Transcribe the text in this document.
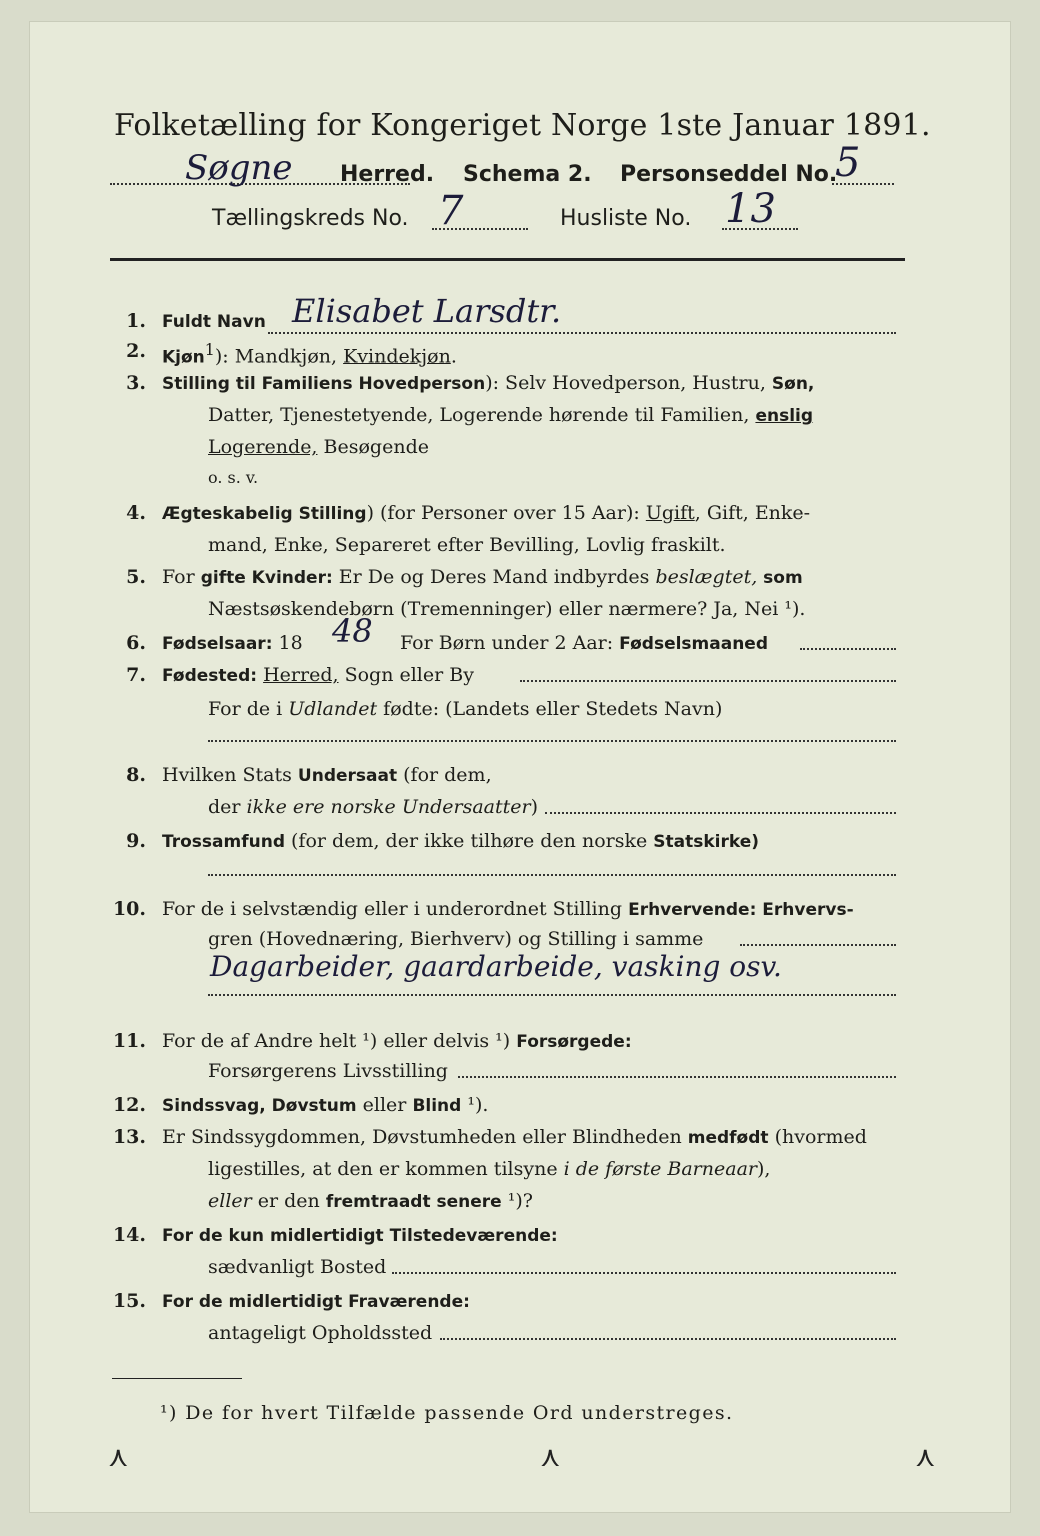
Folketælling for Kongeriget Norge 1ste Januar 1891.
Søgne Herred. Schema 2. Personseddel No.
5
Tællingskreds No. 7	Husliste No. 13
1. Fuldt Navn Elisabet Larsdtr.
2. Kjøn$^1$): Mandkjøn, Kvindekjøn.
3. Stilling til Familiens Hovedperson): Selv Hovedperson, Hustru, Søn,
Datter, Tjenestetyende, Logerende hørende til Familien, enslig
Logerende, Besøgende
o. s. v.
4. Ægteskabelig Stilling) (for Personer over 15 Aar): Ugift, Gift, Enke-
mand, Enke, Separeret efter Bevilling, Lovlig fraskilt.
5. For gifte Kvinder: Er De og Deres Mand indbyrdes beslægtet, som
Næstsøskendebørn (Tremenninger) eller nærmere? Ja, Nei ¹).
6. Fødselsaar: 18 48 For Børn under 2 Aar: Fødselsmaaned
7. Fødested: Herred, Sogn eller By
For de i Udlandet fødte: (Landets eller Stedets Navn)
8. Hvilken Stats Undersaat (for dem,
der ikke ere norske Undersaatter)
9. Trossamfund (for dem, der ikke tilhøre den norske Statskirke)
10. For de i selvstændig eller i underordnet Stilling Erhvervende: Erhvervs-
gren (Hovednæring, Bierhverv) og Stilling i samme
Dagarbeider, gaardarbeide, vasking osv.
11. For de af Andre helt ¹) eller delvis ¹) Forsørgede:
Forsørgerens Livsstilling
12. Sindssvag, Døvstum eller Blind ¹).
13. Er Sindssygdommen, Døvstumheden eller Blindheden medfødt (hvormed
ligestilles, at den er kommen tilsyne i de første Barneaar),
eller er den fremtraadt senere ¹)?
14. For de kun midlertidigt Tilstedeværende:
sædvanligt Bosted
15. For de midlertidigt Fraværende:
antageligt Opholdssted
¹) De for hvert Tilfælde passende Ord understreges.
⋏	⋏	⋏
